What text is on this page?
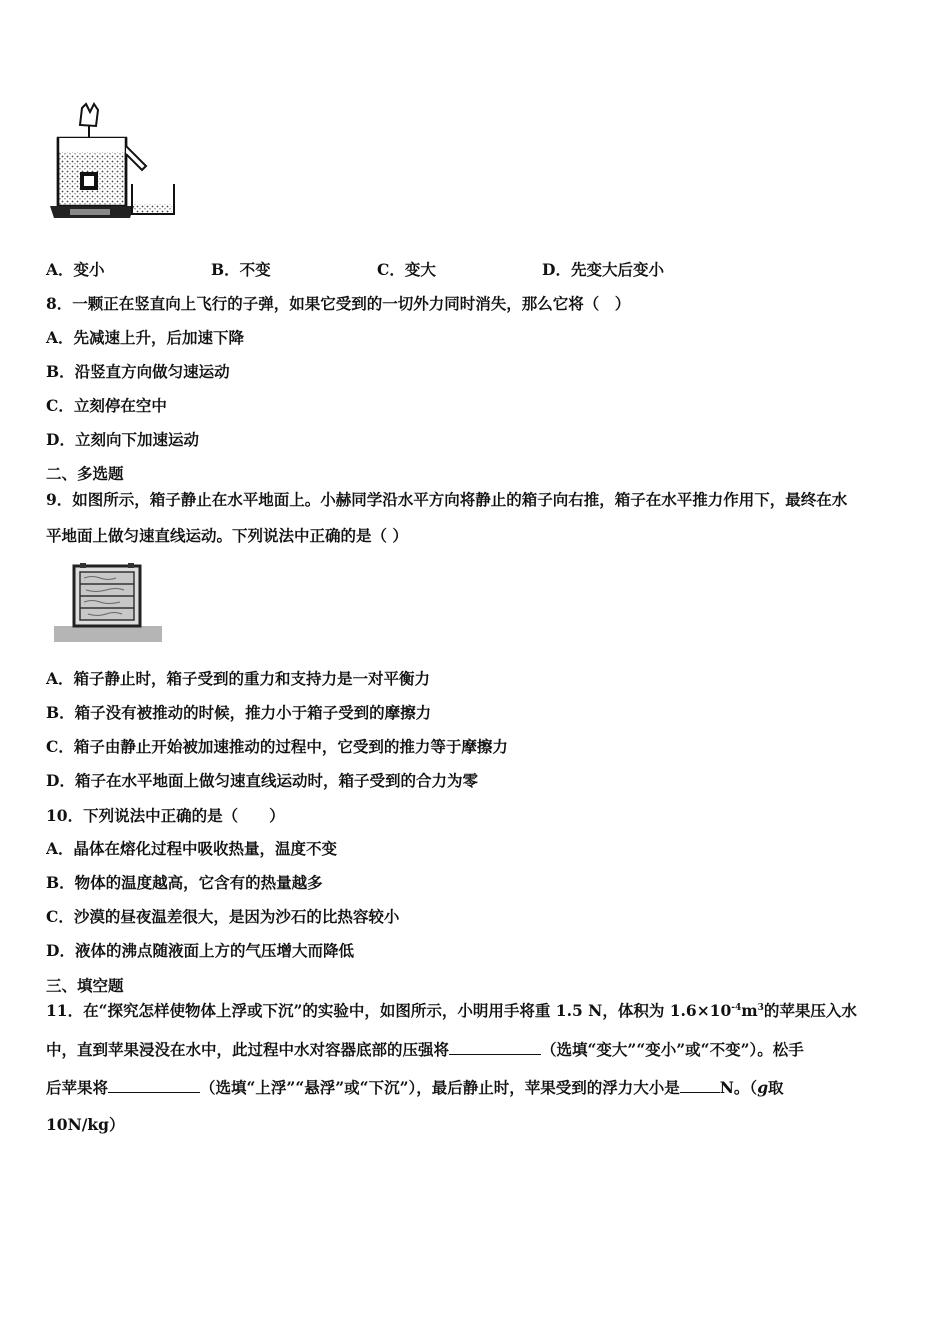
A．变小	B．不变	C．变大	D．先变大后变小
8．一颗正在竖直向上飞行的子弹，如果它受到的一切外力同时消失，那么它将（　）
A．先减速上升，后加速下降
B．沿竖直方向做匀速运动
C．立刻停在空中
D．立刻向下加速运动
二、多选题
9．如图所示，箱子静止在水平地面上。小赫同学沿水平方向将静止的箱子向右推，箱子在水平推力作用下，最终在水
平地面上做匀速直线运动。下列说法中正确的是（ ）
A．箱子静止时，箱子受到的重力和支持力是一对平衡力
B．箱子没有被推动的时候，推力小于箱子受到的摩擦力
C．箱子由静止开始被加速推动的过程中，它受到的推力等于摩擦力
D．箱子在水平地面上做匀速直线运动时，箱子受到的合力为零
10．下列说法中正确的是（　　）
A．晶体在熔化过程中吸收热量，温度不变
B．物体的温度越高，它含有的热量越多
C．沙漠的昼夜温差很大，是因为沙石的比热容较小
D．液体的沸点随液面上方的气压增大而降低
三、填空题
11．在“探究怎样使物体上浮或下沉”的实验中，如图所示，小明用手将重 1.5 N，体积为 $1.6\times 10^{-4}m^3$的苹果压入水
中，直到苹果浸没在水中，此过程中水对容器底部的压强将	（选填“变大”“变小”或“不变”）。松手
后苹果将	（选填“上浮”“悬浮”或“下沉”），最后静止时，苹果受到的浮力大小是	N。（g取
10N/kg）
